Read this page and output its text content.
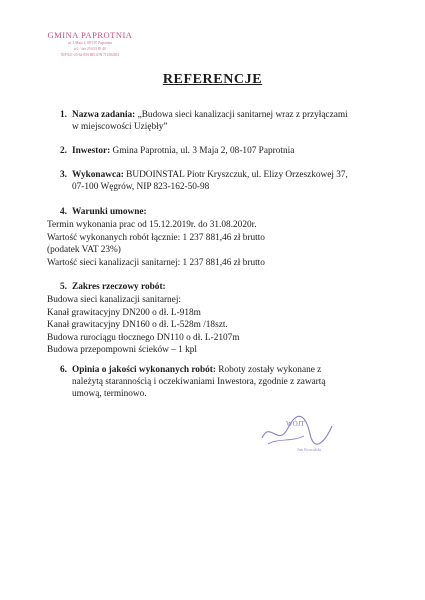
GMINA PAPROTNIA
ul. 3 Maja 2, 08-107 Paprotnia
tel. / fax 25 633 85 40
NIP 821-25-62-859 REGON 711582633
REFERENCJE
1. Nazwa zadania: „Budowa sieci kanalizacji sanitarnej wraz z przyłączami
w miejscowości Uziębły”
2. Inwestor: Gmina Paprotnia, ul. 3 Maja 2, 08-107 Paprotnia
3. Wykonawca: BUDOINSTAL Piotr Kryszczuk, ul. Elizy Orzeszkowej 37,
07-100 Węgrów, NIP 823-162-50-98
4. Warunki umowne:
Termin wykonania prac od 15.12.2019r. do 31.08.2020r.
Wartość wykonanych robót łącznie: 1 237 881,46 zł brutto
(podatek VAT 23%)
Wartość sieci kanalizacji sanitarnej: 1 237 881,46 zł brutto
5. Zakres rzeczowy robót:
Budowa sieci kanalizacji sanitarnej:
Kanał grawitacyjny DN200 o dł. L-918m
Kanał grawitacyjny DN160 o dł. L-528m /18szt.
Budowa rurociągu tłocznego DN110 o dł. L-2107m
Budowa przepompowni ścieków – 1 kpl
6. Opinia o jakości wykonanych robót: Roboty zostały wykonane z
należytą starannością i oczekiwaniami Inwestora, zgodnie z zawartą
umową, terminowo.
WÓJT
Jan Kowalski
